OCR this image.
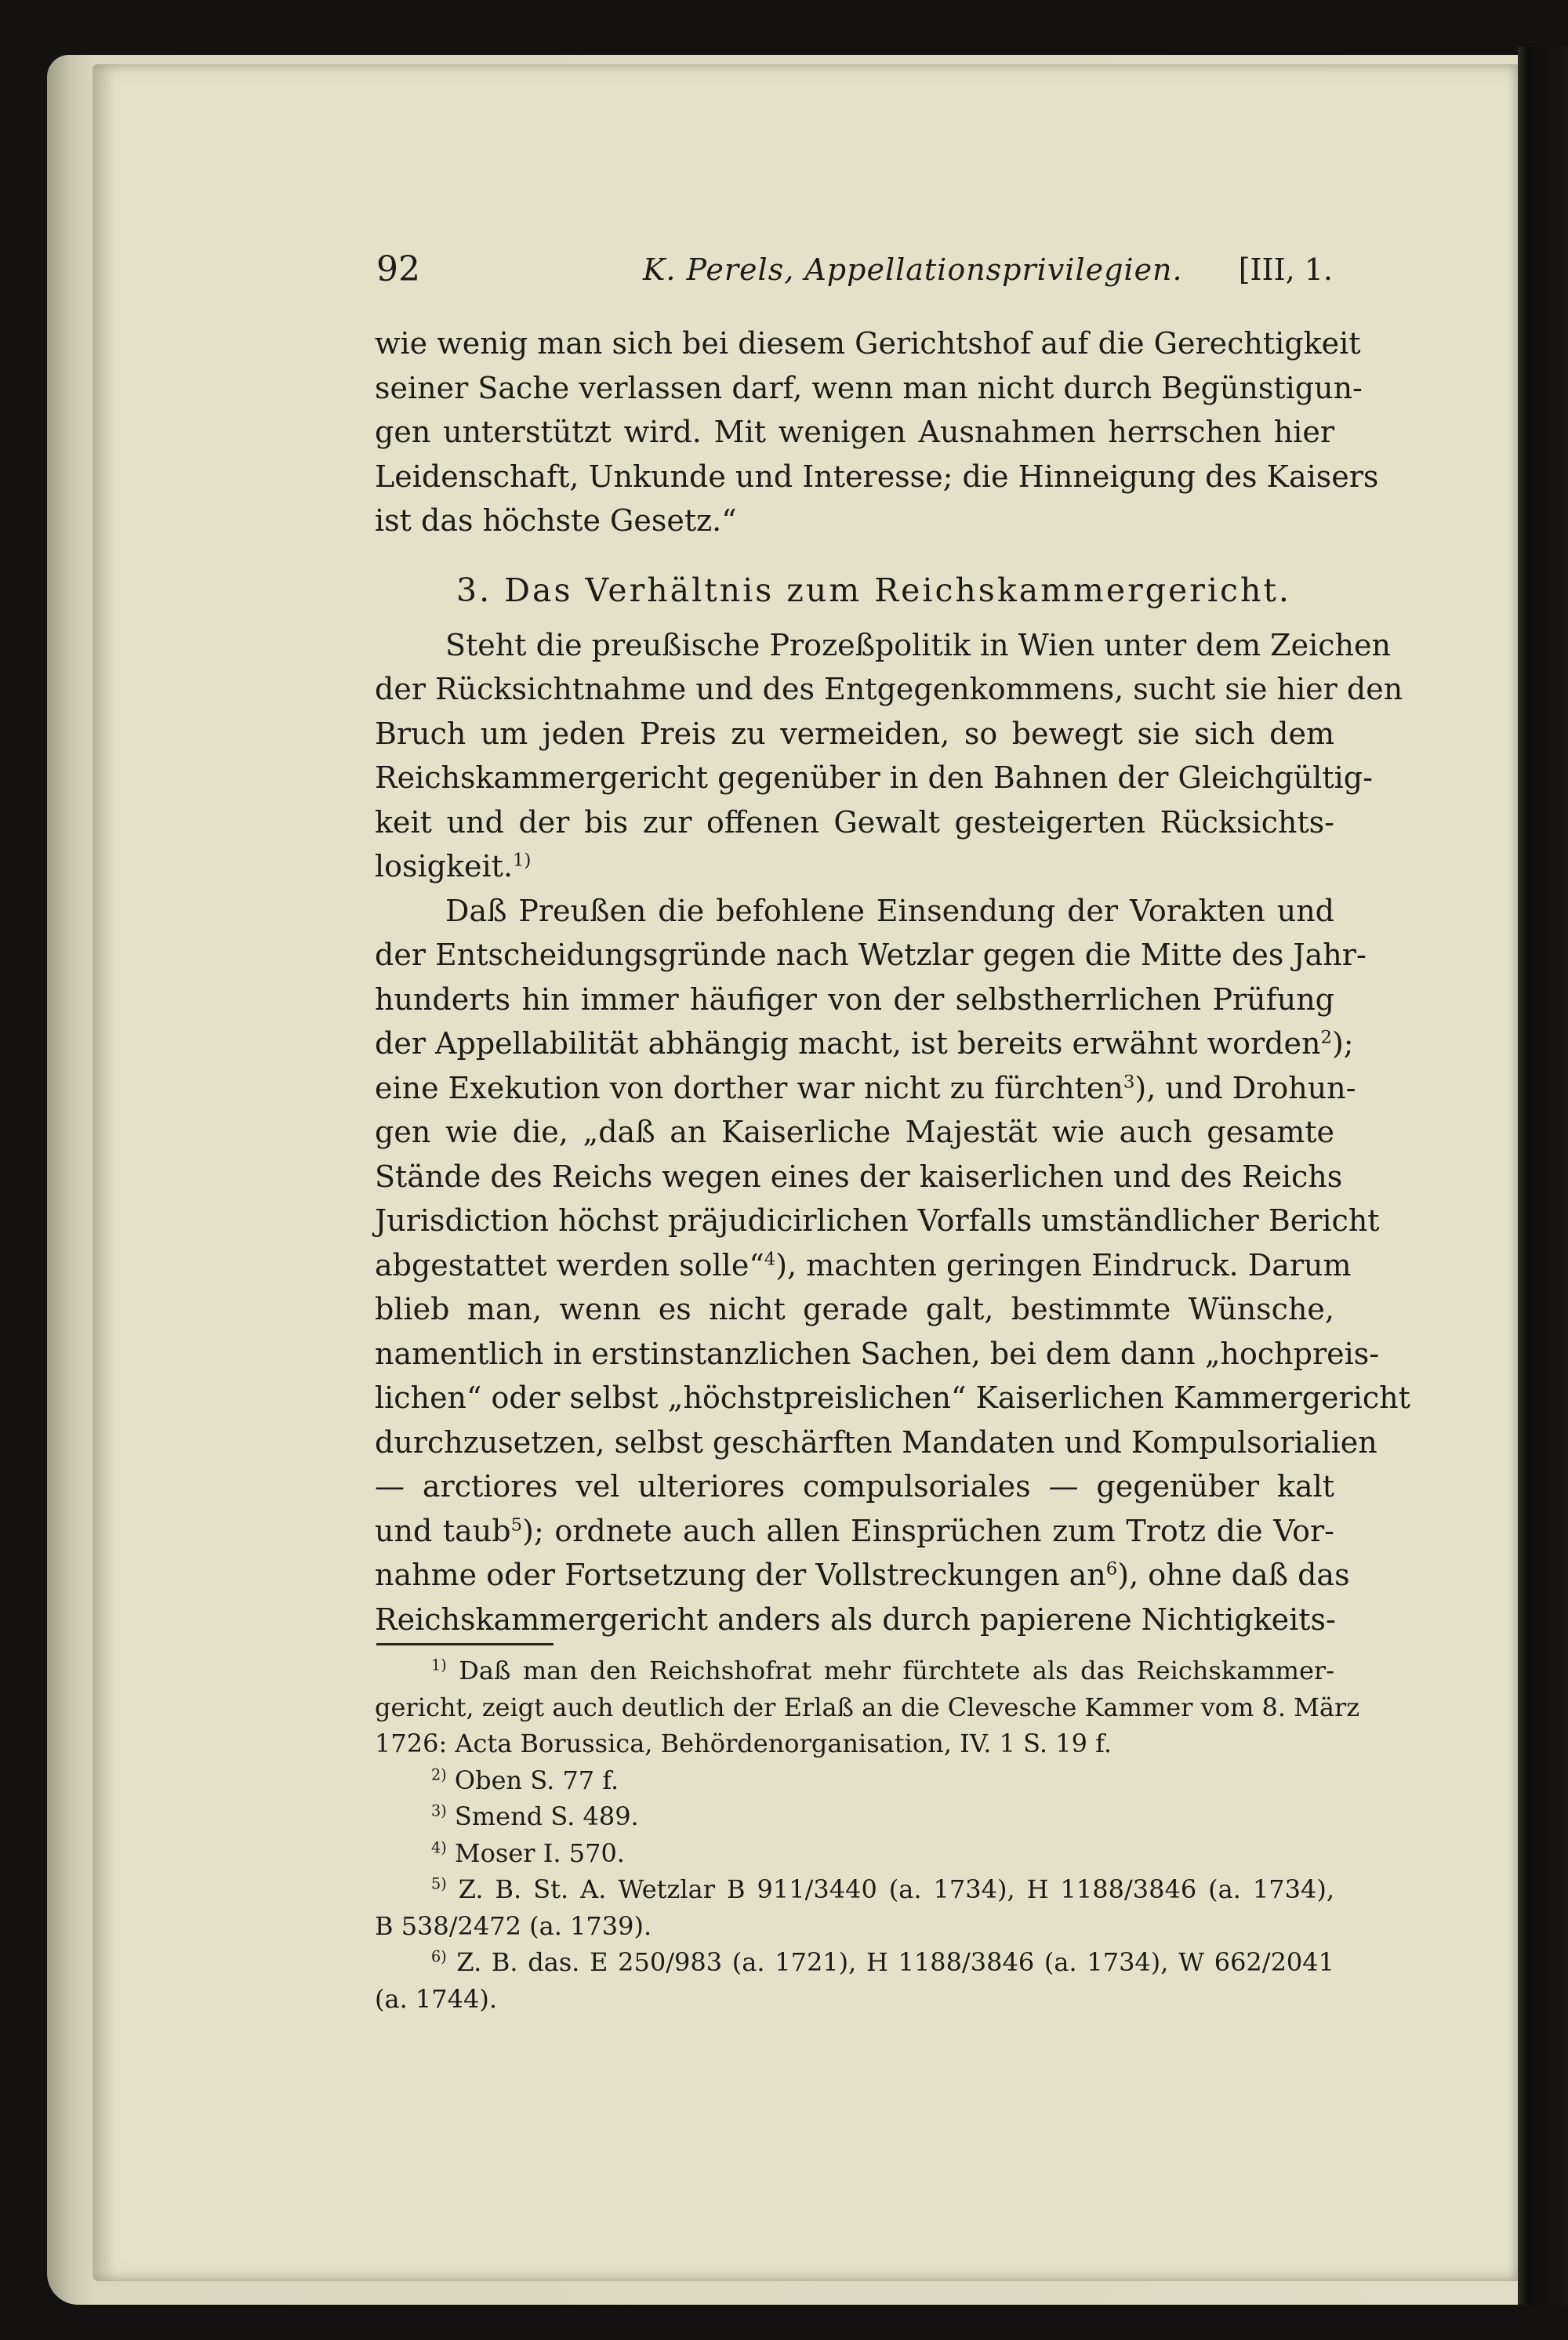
92	K. Perels, Appellationsprivilegien. [III, 1.
wie wenig man sich bei diesem Gerichtshof auf die Gerechtigkeit
seiner Sache verlassen darf, wenn man nicht durch Begünstigun-
gen unterstützt wird. Mit wenigen Ausnahmen herrschen hier
Leidenschaft, Unkunde und Interesse; die Hinneigung des Kaisers
ist das höchste Gesetz.“
3. Das Verhältnis zum Reichskammergericht.
Steht die preußische Prozeßpolitik in Wien unter dem Zeichen
der Rücksichtnahme und des Entgegenkommens, sucht sie hier den
Bruch um jeden Preis zu vermeiden, so bewegt sie sich dem
Reichskammergericht gegenüber in den Bahnen der Gleichgültig-
keit und der bis zur offenen Gewalt gesteigerten Rücksichts-
losigkeit.$^{1)}$
Daß Preußen die befohlene Einsendung der Vorakten und
der Entscheidungsgründe nach Wetzlar gegen die Mitte des Jahr-
hunderts hin immer häufiger von der selbstherrlichen Prüfung
der Appellabilität abhängig macht, ist bereits erwähnt worden$^2$);
eine Exekution von dorther war nicht zu fürchten$^3$), und Drohun-
gen wie die, „daß an Kaiserliche Majestät wie auch gesamte
Stände des Reichs wegen eines der kaiserlichen und des Reichs
Jurisdiction höchst präjudicirlichen Vorfalls umständlicher Bericht
abgestattet werden solle“$^4$), machten geringen Eindruck. Darum
blieb man, wenn es nicht gerade galt, bestimmte Wünsche,
namentlich in erstinstanzlichen Sachen, bei dem dann „hochpreis-
lichen“ oder selbst „höchstpreislichen“ Kaiserlichen Kammergericht
durchzusetzen, selbst geschärften Mandaten und Kompulsorialien
— arctiores vel ulteriores compulsoriales — gegenüber kalt
und taub$^5$); ordnete auch allen Einsprüchen zum Trotz die Vor-
nahme oder Fortsetzung der Vollstreckungen $an^6$), ohne daß das
Reichskammergericht anders als durch papierene Nichtigkeits-
$^{1)}$ Daß man den Reichshofrat mehr fürchtete als das Reichskammer-
gericht, zeigt auch deutlich der Erlaß an die Clevesche Kammer vom 8. März
1726: Acta Borussica, Behördenorganisation, IV. 1 S. 19 f.
$^{2)}$ Oben S. 77 f.
$^{3)}$ Smend S. 489.
$^{4)}$ Moser I. 570.
$^{5)}$ Z. B. St. A. Wetzlar B 911/3440 (a. 1734), H 1188/3846 (a. 1734),
B 538/2472 (a. 1739).
$^{6)}$ Z. B. das. E 250/983 (a. 1721), H 1188/3846 (a. 1734), W 662/2041
(a. 1744).
